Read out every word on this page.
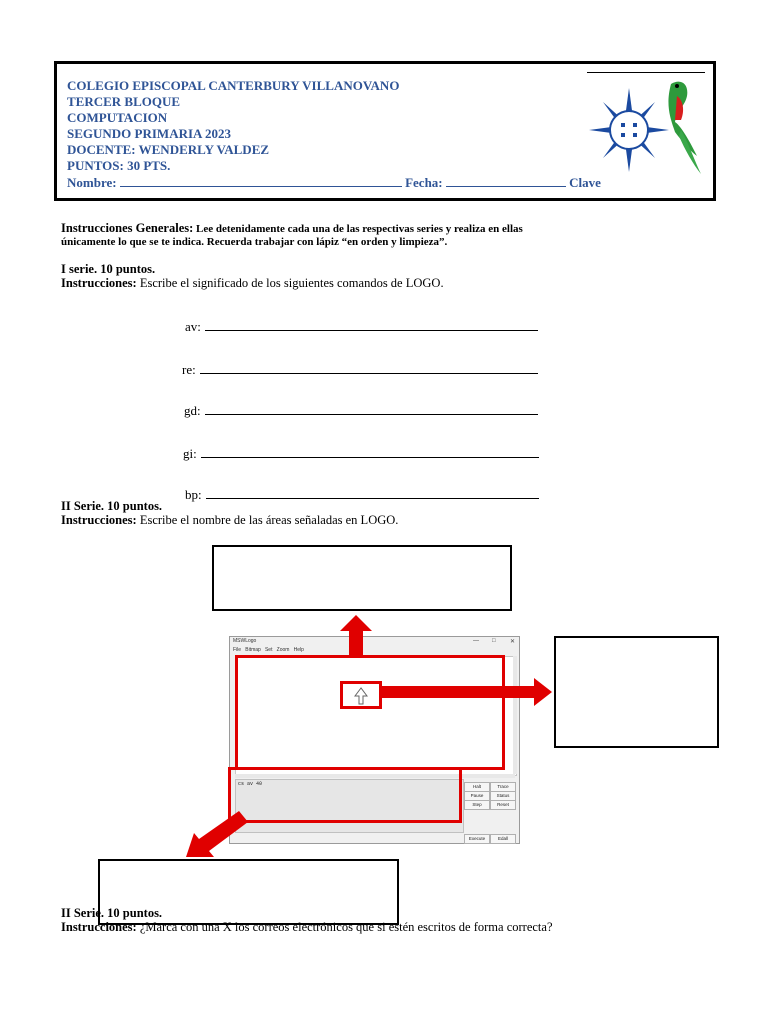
COLEGIO EPISCOPAL CANTERBURY VILLANOVANO
TERCER BLOQUE
COMPUTACION
SEGUNDO PRIMARIA 2023
DOCENTE: WENDERLY VALDEZ
PUNTOS: 30 PTS.
Nombre:	Fecha:	Clave
Instrucciones Generales: Lee detenidamente cada una de las respectivas series y realiza en ellas
únicamente lo que se te indica. Recuerda trabajar con lápiz “en orden y limpieza”.
I serie. 10 puntos.
Instrucciones: Escribe el significado de los siguientes comandos de LOGO.
av:
re:
gd:
gi:
bp:
II Serie. 10 puntos.
Instrucciones: Escribe el nombre de las áreas señaladas en LOGO.
MSWLogo	— □ ✕
File Bitmap Set Zoom Help
cs av 40	Halt	Trace
Pause	Status
Step	Reset
Execute	Edall
II Serie. 10 puntos.
Instrucciones: ¿Marca con una X los correos electrónicos que si estén escritos de forma correcta?
